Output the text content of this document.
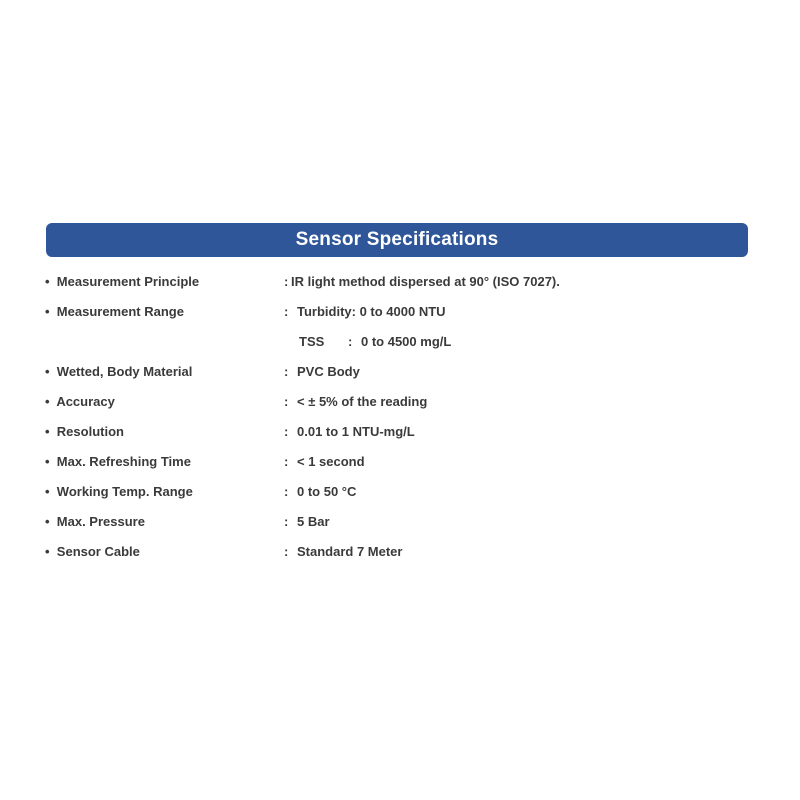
Sensor Specifications
• Measurement Principle	: IR light method dispersed at 90° (ISO 7027).
• Measurement Range	: Turbidity: 0 to 4000 NTU
TSS : 0 to 4500 mg/L
• Wetted, Body Material	: PVC Body
• Accuracy	: < ± 5% of the reading
• Resolution	: 0.01 to 1 NTU-mg/L
• Max. Refreshing Time	: < 1 second
• Working Temp. Range	: 0 to 50 °C
• Max. Pressure	: 5 Bar
• Sensor Cable	: Standard 7 Meter
